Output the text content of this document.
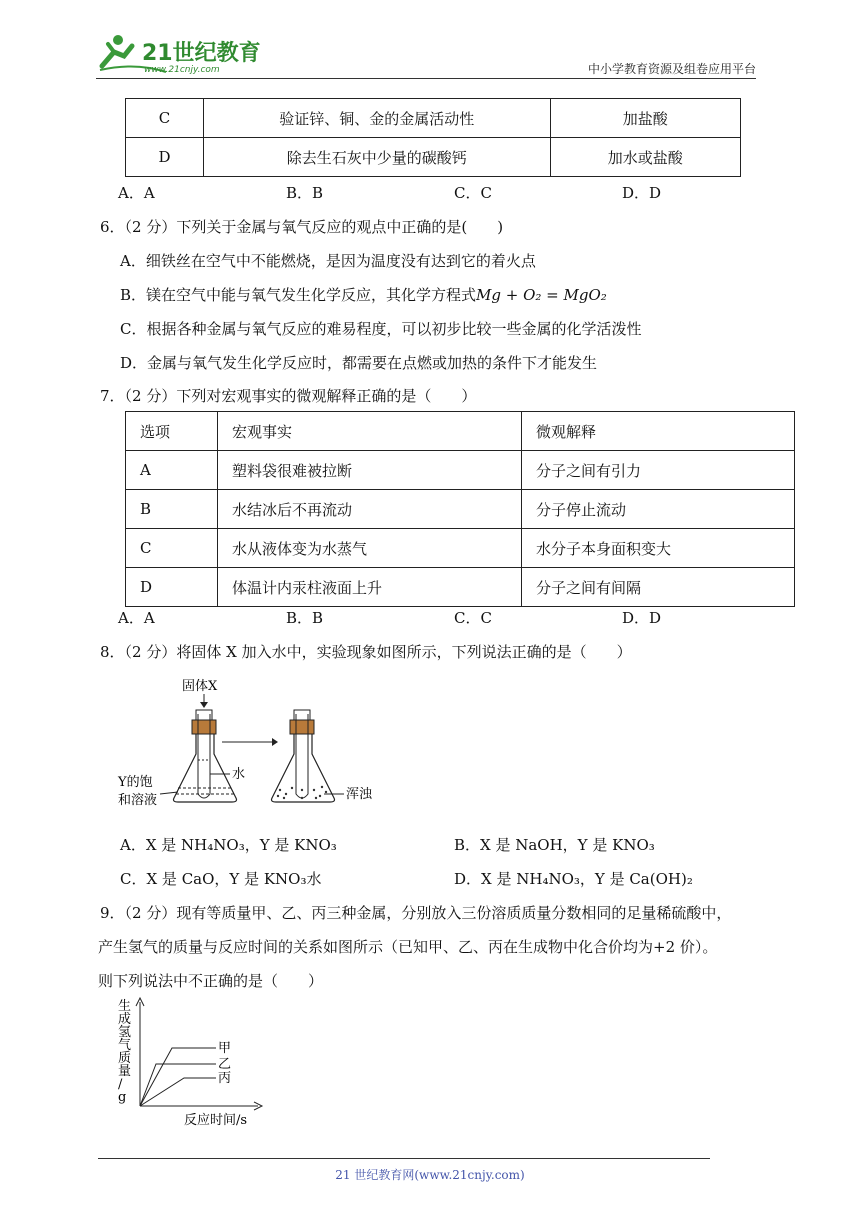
21世纪教育
www.21cnjy.com	中小学教育资源及组卷应用平台
C	验证锌、铜、金的金属活动性	加盐酸
D	除去生石灰中少量的碳酸钙	加水或盐酸
A．A	B．B	C．C	D．D
6．（2 分）下列关于金属与氧气反应的观点中正确的是(　　)
A．细铁丝在空气中不能燃烧，是因为温度没有达到它的着火点
B．镁在空气中能与氧气发生化学反应，其化学方程式Mg + O₂ = MgO₂
C．根据各种金属与氧气反应的难易程度，可以初步比较一些金属的化学活泼性
D．金属与氧气发生化学反应时，都需要在点燃或加热的条件下才能发生
7．（2 分）下列对宏观事实的微观解释正确的是（　　）
选项	宏观事实	微观解释
A	塑料袋很难被拉断	分子之间有引力
B	水结冰后不再流动	分子停止流动
C	水从液体变为水蒸气	水分子本身面积变大
D	体温计内汞柱液面上升	分子之间有间隔
A．A	B．B	C．C	D．D
8．（2 分）将固体 X 加入水中，实验现象如图所示，下列说法正确的是（　　）
固体X
水
Y的饱
和溶液	浑浊
A．X 是 NH₄NO₃，Y 是 KNO₃	B．X 是 NaOH，Y 是 KNO₃
C．X 是 CaO，Y 是 KNO₃水	D．X 是 NH₄NO₃，Y 是 Ca(OH)₂
9．（2 分）现有等质量甲、乙、丙三种金属，分别放入三份溶质质量分数相同的足量稀硫酸中，
产生氢气的质量与反应时间的关系如图所示（已知甲、乙、丙在生成物中化合价均为+2 价）。
则下列说法中不正确的是（　　）
生成氢气质量/ g
反应时间/s
甲
乙
丙
21 世纪教育网(www.21cnjy.com)
